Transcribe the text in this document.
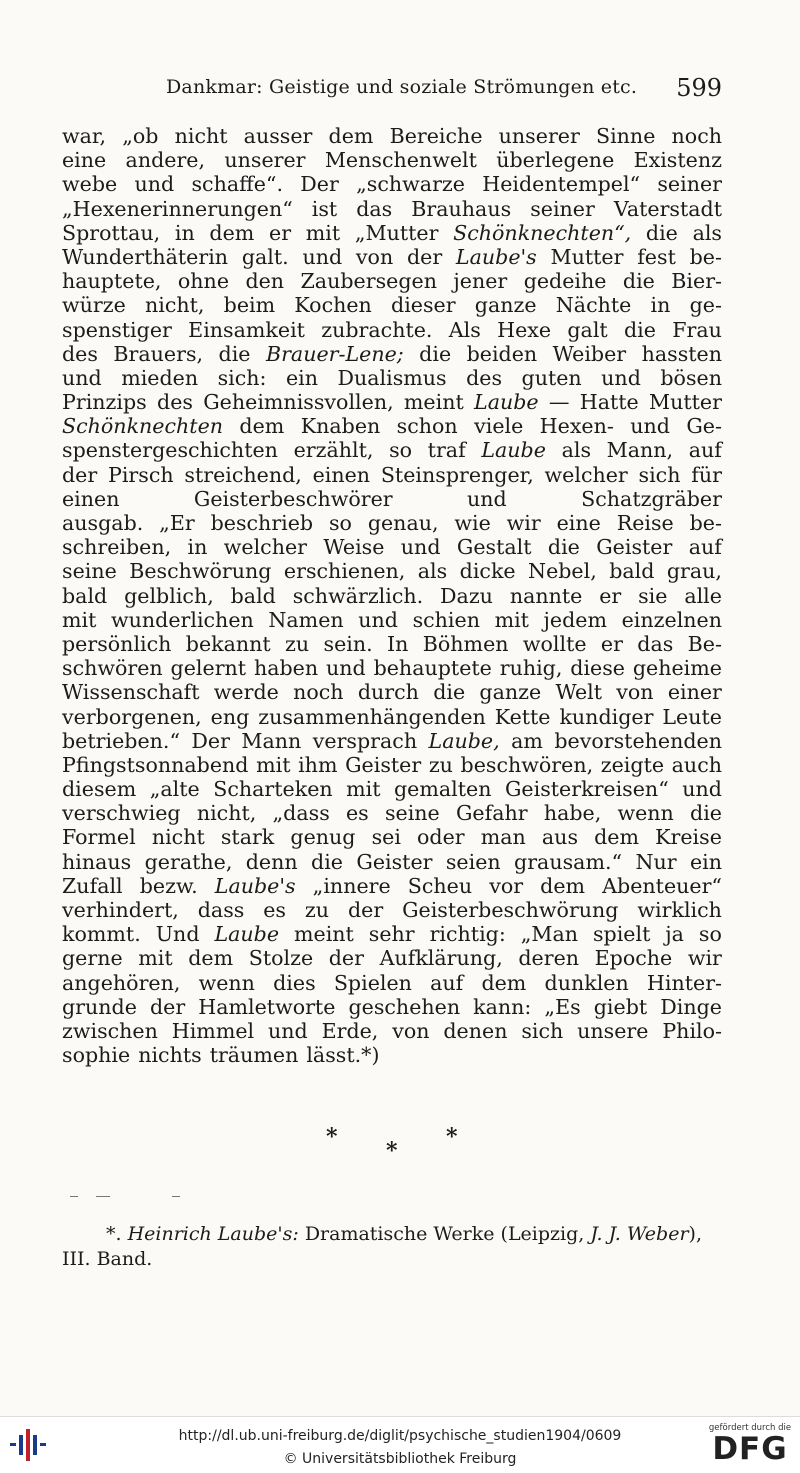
Dankmar: Geistige und soziale Strömungen etc. 599
war, „ob nicht ausser dem Bereiche unserer Sinne noch
eine andere, unserer Menschenwelt überlegene Existenz
webe und schaffe“. Der „schwarze Heidentempel“ seiner
„Hexenerinnerungen“ ist das Brauhaus seiner Vaterstadt
Sprottau, in dem er mit „Mutter Schönknechten“, die als
Wunderthäterin galt. und von der Laube's Mutter fest be-
hauptete, ohne den Zaubersegen jener gedeihe die Bier-
würze nicht, beim Kochen dieser ganze Nächte in ge-
spenstiger Einsamkeit zubrachte. Als Hexe galt die Frau
des Brauers, die Brauer-Lene; die beiden Weiber hassten
und mieden sich: ein Dualismus des guten und bösen
Prinzips des Geheimnissvollen, meint Laube — Hatte Mutter
Schönknechten dem Knaben schon viele Hexen- und Ge-
spenstergeschichten erzählt, so traf Laube als Mann, auf
der Pirsch streichend, einen Steinsprenger, welcher sich für
einen	Geisterbeschwörer	und	Schatzgräber
ausgab. „Er beschrieb so genau, wie wir eine Reise be-
schreiben, in welcher Weise und Gestalt die Geister auf
seine Beschwörung erschienen, als dicke Nebel, bald grau,
bald gelblich, bald schwärzlich. Dazu nannte er sie alle
mit wunderlichen Namen und schien mit jedem einzelnen
persönlich bekannt zu sein. In Böhmen wollte er das Be-
schwören gelernt haben und behauptete ruhig, diese geheime
Wissenschaft werde noch durch die ganze Welt von einer
verborgenen, eng zusammenhängenden Kette kundiger Leute
betrieben.“ Der Mann versprach Laube, am bevorstehenden
Pfingstsonnabend mit ihm Geister zu beschwören, zeigte auch
diesem „alte Scharteken mit gemalten Geisterkreisen“ und
verschwieg nicht, „dass es seine Gefahr habe, wenn die
Formel nicht stark genug sei oder man aus dem Kreise
hinaus gerathe, denn die Geister seien grausam.“ Nur ein
Zufall bezw. Laube's „innere Scheu vor dem Abenteuer“
verhindert, dass es zu der Geisterbeschwörung wirklich
kommt. Und Laube meint sehr richtig: „Man spielt ja so
gerne mit dem Stolze der Aufklärung, deren Epoche wir
angehören, wenn dies Spielen auf dem dunklen Hinter-
grunde der Hamletworte geschehen kann: „Es giebt Dinge
zwischen Himmel und Erde, von denen sich unsere Philo-
sophie nichts träumen lässt.*)
*	*
*
*. Heinrich Laube's: Dramatische Werke (Leipzig, J. J. Weber),
III. Band.
http://dl.ub.uni-freiburg.de/diglit/psychische_studien1904/0609
© Universitätsbibliothek Freiburg
gefördert durch die
DFG
